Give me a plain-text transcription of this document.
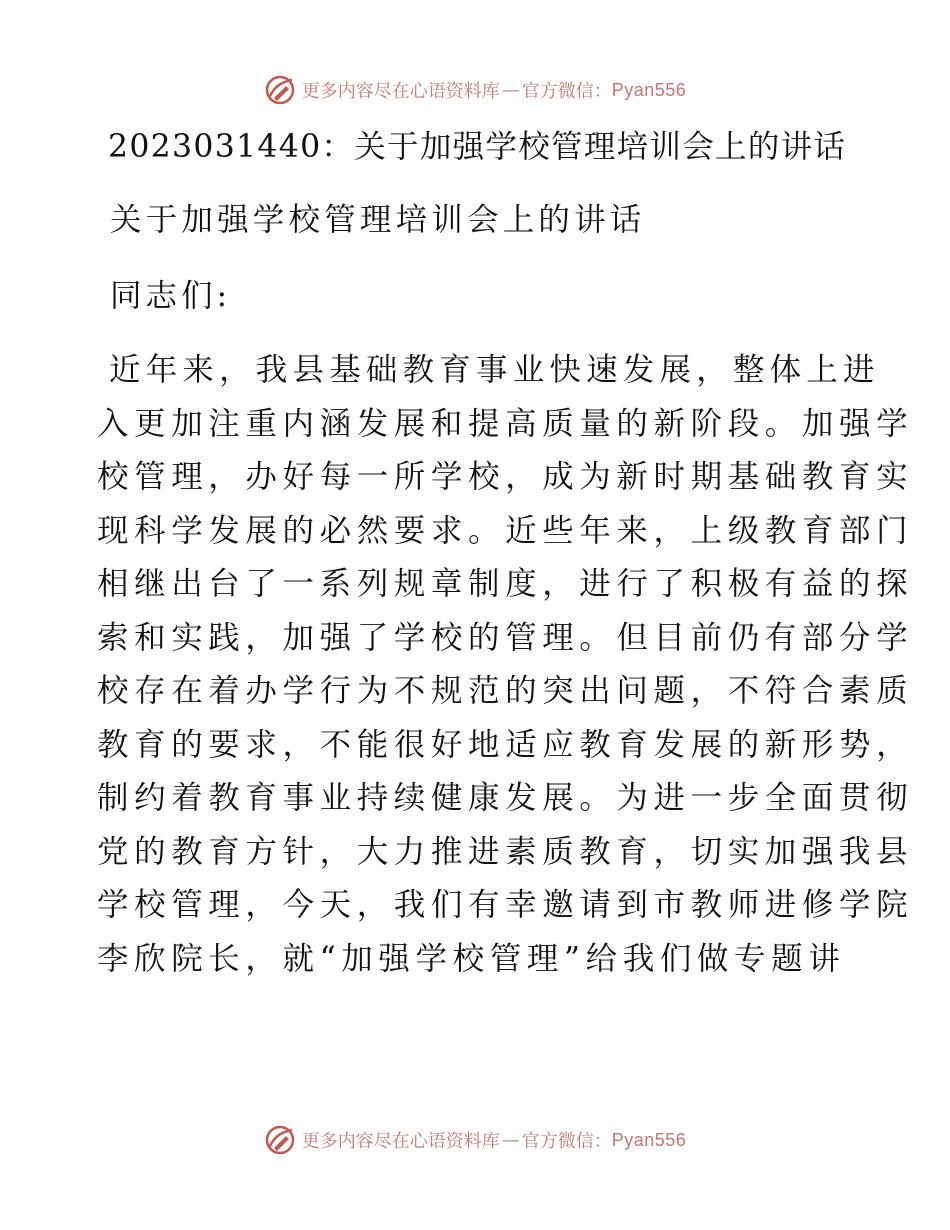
更多内容尽在心语资料库 — 官方微信： Pyan556
2023031440：关于加强学校管理培训会上的讲话
关于加强学校管理培训会上的讲话
同志们:
近年来，我县基础教育事业快速发展，整体上进
入更加注重内涵发展和提高质量的新阶段。加强学
校管理，办好每一所学校，成为新时期基础教育实
现科学发展的必然要求。近些年来，上级教育部门
相继出台了一系列规章制度，进行了积极有益的探
索和实践，加强了学校的管理。但目前仍有部分学
校存在着办学行为不规范的突出问题，不符合素质
教育的要求，不能很好地适应教育发展的新形势，
制约着教育事业持续健康发展。为进一步全面贯彻
党的教育方针，大力推进素质教育，切实加强我县
学校管理，今天，我们有幸邀请到市教师进修学院
李欣院长，就“加强学校管理”给我们做专题讲
更多内容尽在心语资料库 — 官方微信： Pyan556
